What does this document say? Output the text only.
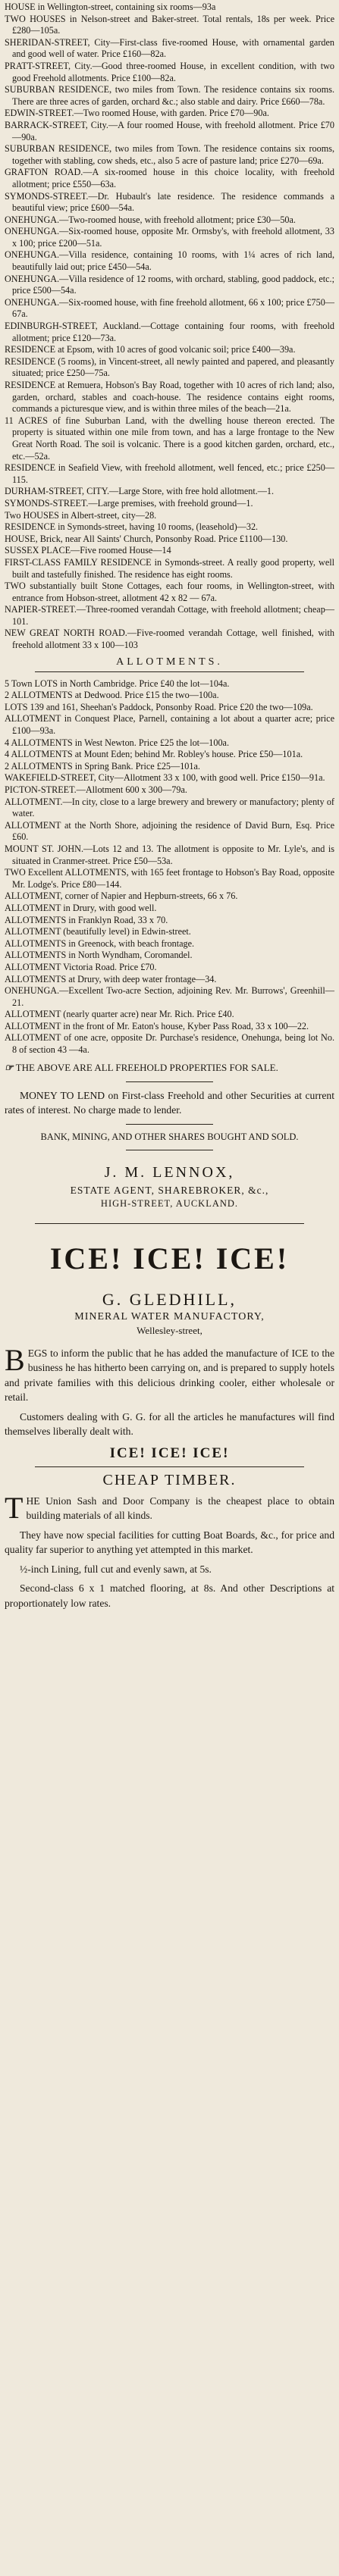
HOUSE in Wellington-street, containing six rooms—93a
TWO HOUSES in Nelson-street and Baker-street. Total rentals, 18s per week. Price £280—105a.
SHERIDAN-STREET, City—First-class five-roomed House, with ornamental garden and good well of water. Price £160—82a.
PRATT-STREET, City.—Good three-roomed House, in excellent condition, with two good Freehold allotments. Price £100—82a.
SUBURBAN RESIDENCE, two miles from Town. The residence contains six rooms. There are three acres of garden, orchard &c.; also stable and dairy. Price £660—78a.
EDWIN-STREET.—Two roomed House, with garden. Price £70—90a.
BARRACK-STREET, City.—A four roomed House, with freehold allotment. Price £70—90a.
SUBURBAN RESIDENCE, two miles from Town. The residence contains six rooms, together with stabling, cow sheds, etc., also 5 acre of pasture land; price £270—69a.
GRAFTON ROAD.—A six-roomed house in this choice locality, with freehold allotment; price £550—63a.
SYMONDS-STREET.—Dr. Hubault's late residence. The residence commands a beautiful view; price £600—54a.
ONEHUNGA.—Two-roomed house, with freehold allotment; price £30—50a.
ONEHUNGA.—Six-roomed house, opposite Mr. Ormsby's, with freehold allotment, 33 x 100; price £200—51a.
ONEHUNGA.—Villa residence, containing 10 rooms, with 1¼ acres of rich land, beautifully laid out; price £450—54a.
ONEHUNGA.—Villa residence of 12 rooms, with orchard, stabling, good paddock, etc.; price £500—54a.
ONEHUNGA.—Six-roomed house, with fine freehold allotment, 66 x 100; price £750—67a.
EDINBURGH-STREET, Auckland.—Cottage containing four rooms, with freehold allotment; price £120—73a.
RESIDENCE at Epsom, with 10 acres of good volcanic soil; price £400—39a.
RESIDENCE (5 rooms), in Vincent-street, all newly painted and papered, and pleasantly situated; price £250—75a.
RESIDENCE at Remuera, Hobson's Bay Road, together with 10 acres of rich land; also, garden, orchard, stables and coach-house. The residence contains eight rooms, commands a picturesque view, and is within three miles of the beach—21a.
11 ACRES of fine Suburban Land, with the dwelling house thereon erected. The property is situated within one mile from town, and has a large frontage to the New Great North Road. The soil is volcanic. There is a good kitchen garden, orchard, etc., etc.—52a.
RESIDENCE in Seafield View, with freehold allotment, well fenced, etc.; price £250—115.
DURHAM-STREET, CITY.—Large Store, with free hold allotment.—1.
SYMONDS-STREET.—Large premises, with freehold ground—1.
Two HOUSES in Albert-street, city—28.
RESIDENCE in Symonds-street, having 10 rooms, (leasehold)—32.
HOUSE, Brick, near All Saints' Church, Ponsonby Road. Price £1100—130.
SUSSEX PLACE—Five roomed House—14
FIRST-CLASS FAMILY RESIDENCE in Symonds-street. A really good property, well built and tastefully finished. The residence has eight rooms.
TWO substantially built Stone Cottages, each four rooms, in Wellington-street, with entrance from Hobson-street, allotment 42 x 82 — 67a.
NAPIER-STREET.—Three-roomed verandah Cottage, with freehold allotment; cheap—101.
NEW GREAT NORTH ROAD.—Five-roomed verandah Cottage, well finished, with freehold allotment 33 x 100—103
ALLOTMENTS.
5 Town LOTS in North Cambridge. Price £40 the lot—104a.
2 ALLOTMENTS at Dedwood. Price £15 the two—100a.
LOTS 139 and 161, Sheehan's Paddock, Ponsonby Road. Price £20 the two—109a.
ALLOTMENT in Conquest Place, Parnell, containing a lot about a quarter acre; price £100—93a.
4 ALLOTMENTS in West Newton. Price £25 the lot—100a.
4 ALLOTMENTS at Mount Eden; behind Mr. Robley's house. Price £50—101a.
2 ALLOTMENTS in Spring Bank. Price £25—101a.
WAKEFIELD-STREET, City—Allotment 33 x 100, with good well. Price £150—91a.
PICTON-STREET.—Allotment 600 x 300—79a.
ALLOTMENT.—In city, close to a large brewery and brewery or manufactory; plenty of water.
ALLOTMENT at the North Shore, adjoining the residence of David Burn, Esq. Price £60.
MOUNT ST. JOHN.—Lots 12 and 13. The allotment is opposite to Mr. Lyle's, and is situated in Cranmer-street. Price £50—53a.
TWO Excellent ALLOTMENTS, with 165 feet frontage to Hobson's Bay Road, opposite Mr. Lodge's. Price £80—144.
ALLOTMENT, corner of Napier and Hepburn-streets, 66 x 76.
ALLOTMENT in Drury, with good well.
ALLOTMENTS in Franklyn Road, 33 x 70.
ALLOTMENT (beautifully level) in Edwin-street.
ALLOTMENTS in Greenock, with beach frontage.
ALLOTMENTS in North Wyndham, Coromandel.
ALLOTMENT Victoria Road. Price £70.
ALLOTMENTS at Drury, with deep water frontage—34.
ONEHUNGA.—Excellent Two-acre Section, adjoining Rev. Mr. Burrows', Greenhill—21.
ALLOTMENT (nearly quarter acre) near Mr. Rich. Price £40.
ALLOTMENT in the front of Mr. Eaton's house, Kyber Pass Road, 33 x 100—22.
ALLOTMENT of one acre, opposite Dr. Purchase's residence, Onehunga, being lot No. 8 of section 43 —4a.

☞ THE ABOVE ARE ALL FREEHOLD PROPERTIES FOR SALE.

MONEY TO LEND on First-class Freehold and other Securities at current rates of interest. No charge made to lender.

BANK, MINING, AND OTHER SHARES BOUGHT AND SOLD.

J. M. LENNOX,
ESTATE AGENT, SHAREBROKER, &c.,
HIGH-STREET, AUCKLAND.
ICE! ICE! ICE!
G. GLEDHILL,
MINERAL WATER MANUFACTORY,
Wellesley-street,

BEGS to inform the public that he has added the manufacture of ICE to the business he has hitherto been carrying on, and is prepared to supply hotels and private families with this delicious drinking cooler, either wholesale or retail.

Customers dealing with G. G. for all the articles he manufactures will find themselves liberally dealt with.

ICE! ICE! ICE!
CHEAP TIMBER.

THE Union Sash and Door Company is the cheapest place to obtain building materials of all kinds.

They have now special facilities for cutting Boat Boards, &c., for price and quality far superior to anything yet attempted in this market.

½-inch Lining, full cut and evenly sawn, at 5s.

Second-class 6 x 1 matched flooring, at 8s. And other Descriptions at proportionately low rates.
